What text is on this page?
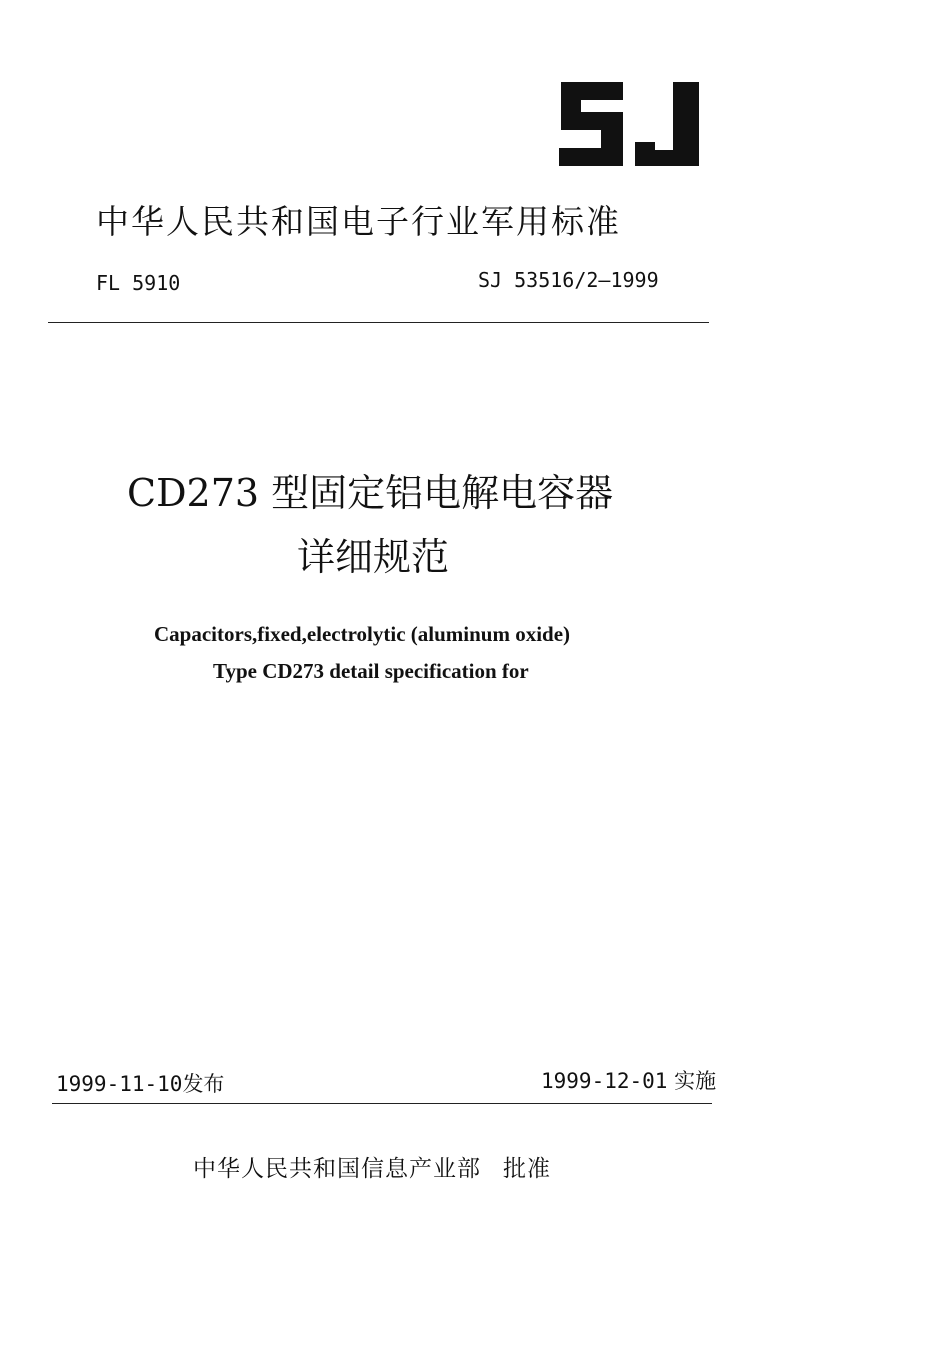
中华人民共和国电子行业军用标准
FL 5910	SJ 53516/2—1999
CD273 型固定铝电解电容器
详细规范
Capacitors,fixed,electrolytic (aluminum oxide)
Type CD273 detail specification for
1999-11-10发布	1999-12-01 实施
中华人民共和国信息产业部 批准
